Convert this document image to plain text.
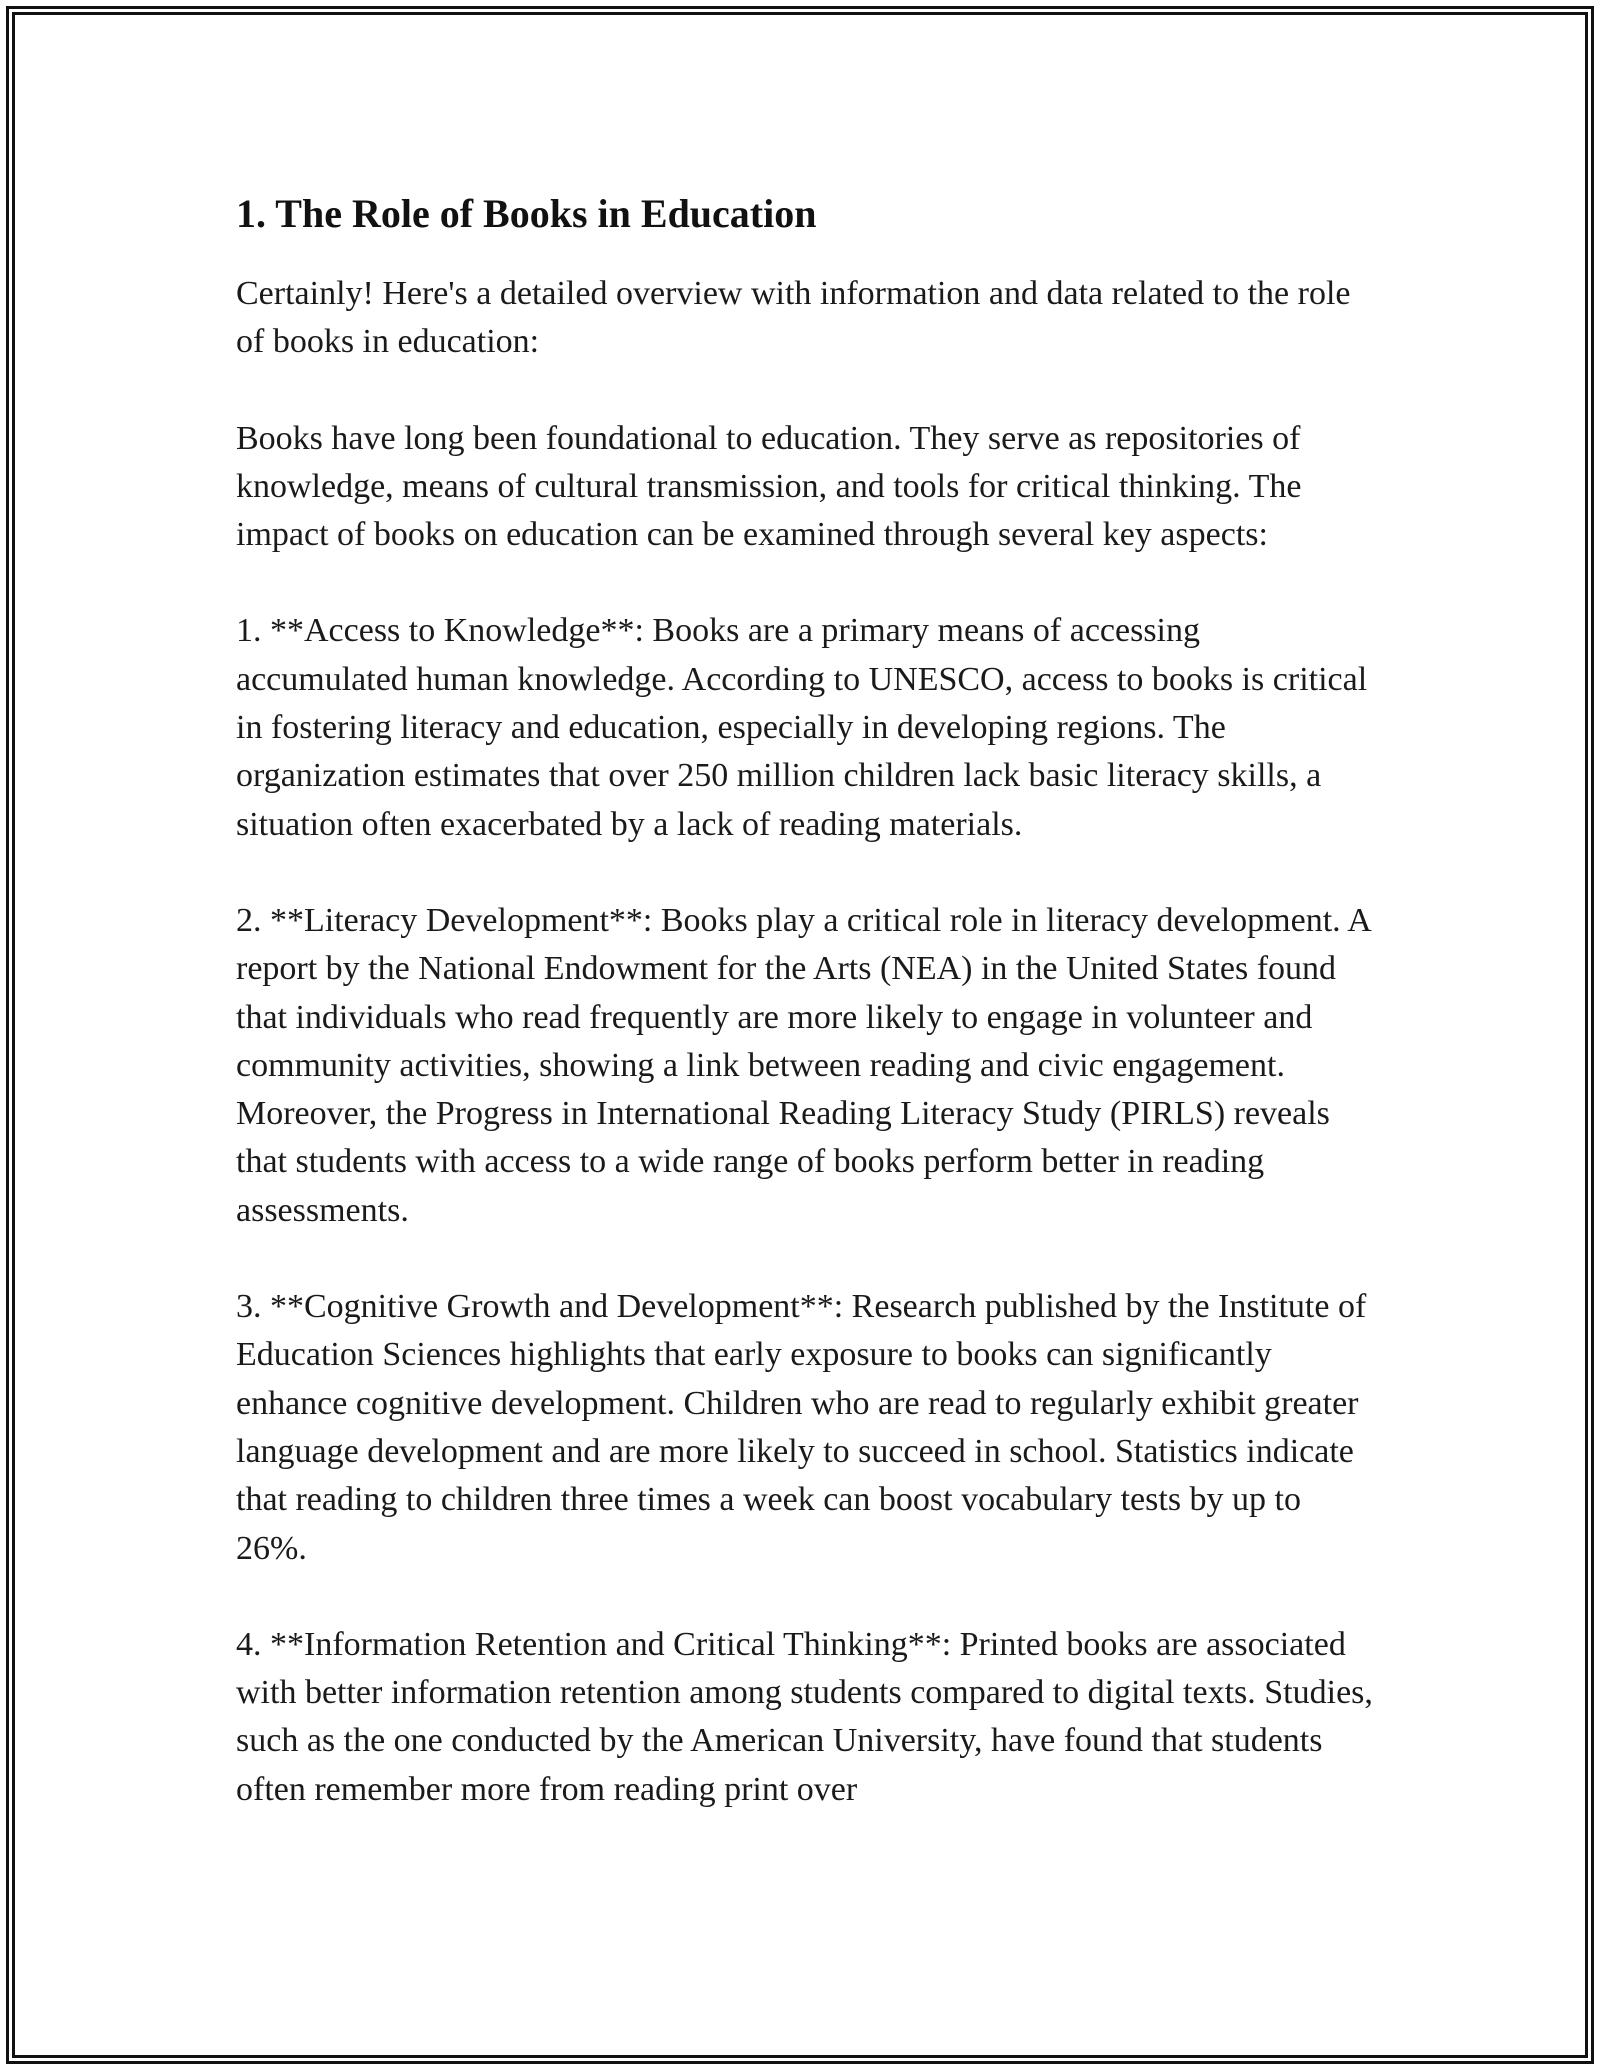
1. The Role of Books in Education

Certainly! Here's a detailed overview with information and data related to the role of books in education:

Books have long been foundational to education. They serve as repositories of knowledge, means of cultural transmission, and tools for critical thinking. The impact of books on education can be examined through several key aspects:

1. **Access to Knowledge**: Books are a primary means of accessing accumulated human knowledge. According to UNESCO, access to books is critical in fostering literacy and education, especially in developing regions. The organization estimates that over 250 million children lack basic literacy skills, a situation often exacerbated by a lack of reading materials.

2. **Literacy Development**: Books play a critical role in literacy development. A report by the National Endowment for the Arts (NEA) in the United States found that individuals who read frequently are more likely to engage in volunteer and community activities, showing a link between reading and civic engagement. Moreover, the Progress in International Reading Literacy Study (PIRLS) reveals that students with access to a wide range of books perform better in reading assessments.

3. **Cognitive Growth and Development**: Research published by the Institute of Education Sciences highlights that early exposure to books can significantly enhance cognitive development. Children who are read to regularly exhibit greater language development and are more likely to succeed in school. Statistics indicate that reading to children three times a week can boost vocabulary tests by up to 26%.

4. **Information Retention and Critical Thinking**: Printed books are associated with better information retention among students compared to digital texts. Studies, such as the one conducted by the American University, have found that students often remember more from reading print over
